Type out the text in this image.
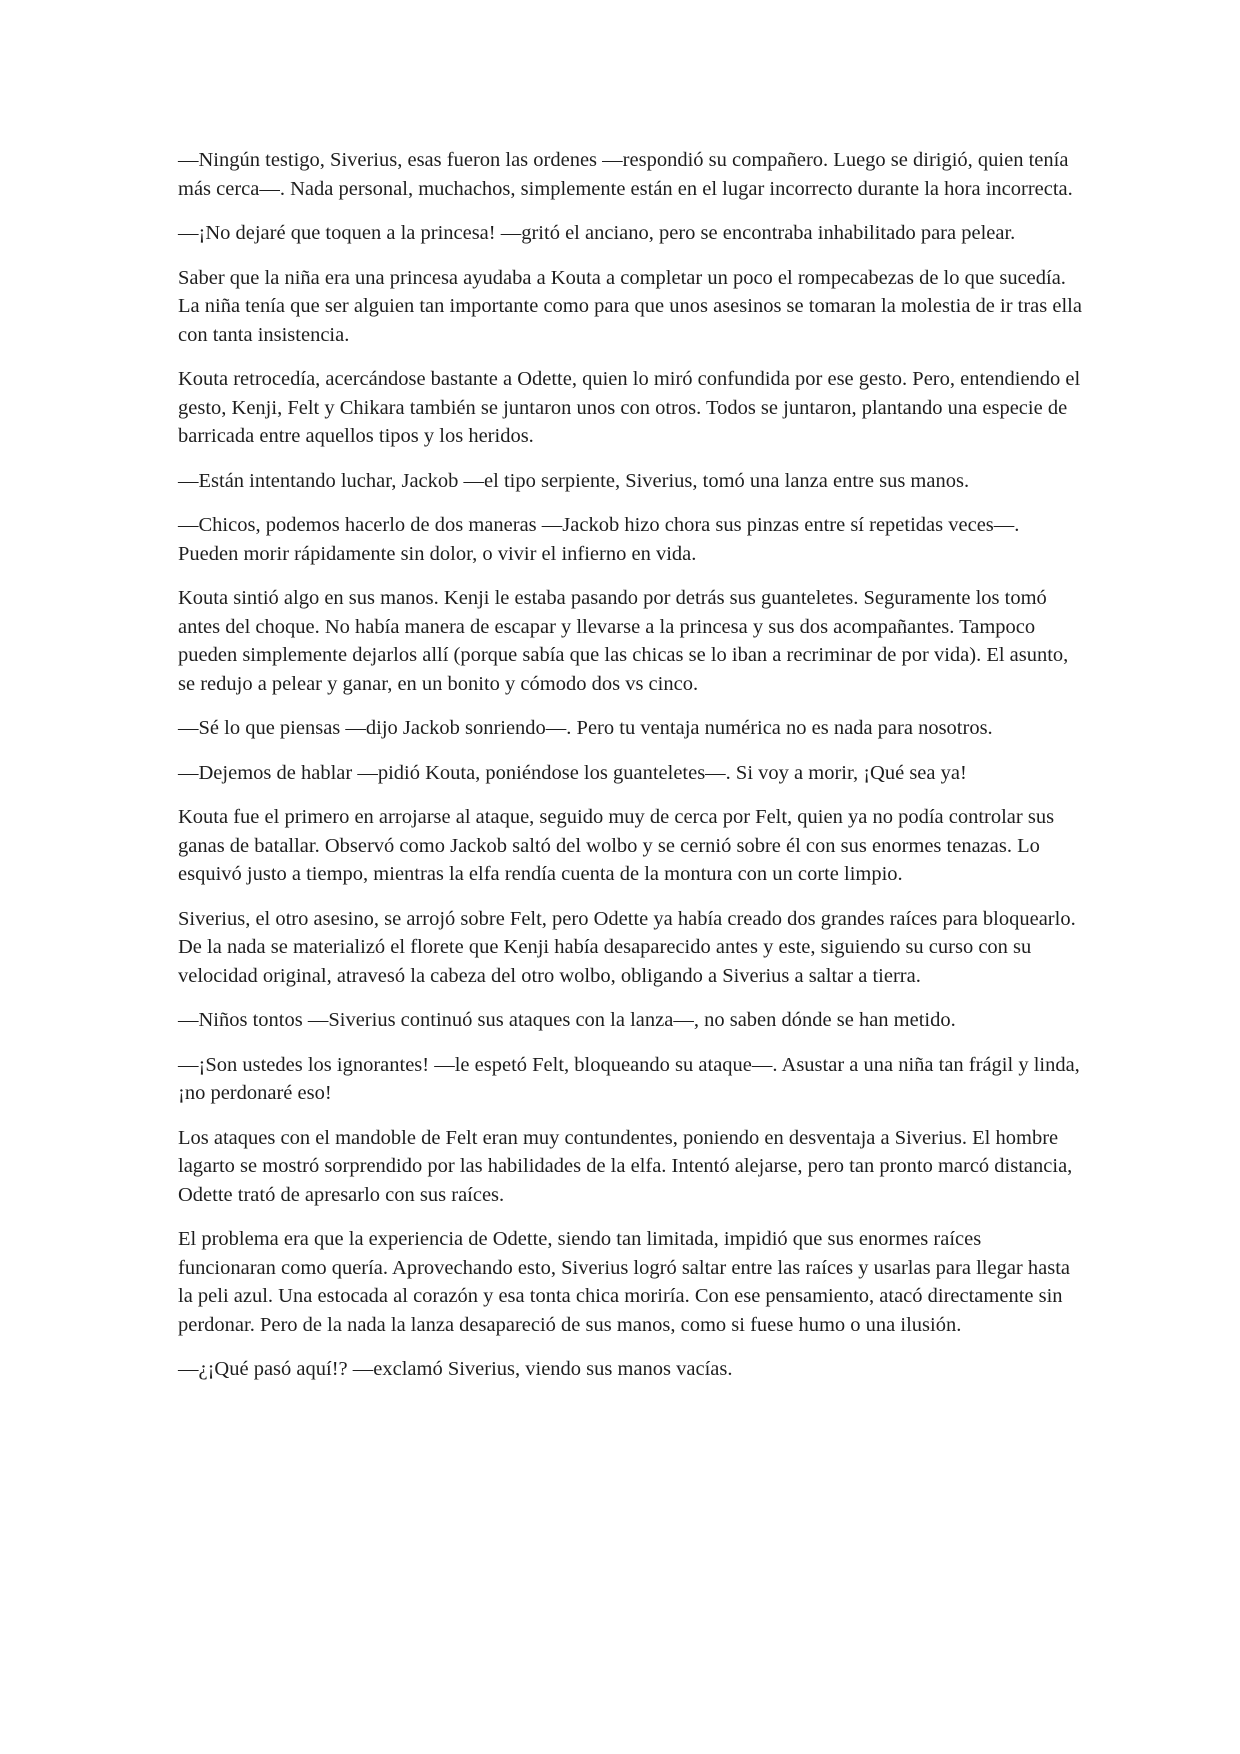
—Ningún testigo, Siverius, esas fueron las ordenes —respondió su compañero. Luego se dirigió, quien tenía más cerca—. Nada personal, muchachos, simplemente están en el lugar incorrecto durante la hora incorrecta.

—¡No dejaré que toquen a la princesa! —gritó el anciano, pero se encontraba inhabilitado para pelear.

Saber que la niña era una princesa ayudaba a Kouta a completar un poco el rompecabezas de lo que sucedía. La niña tenía que ser alguien tan importante como para que unos asesinos se tomaran la molestia de ir tras ella con tanta insistencia.

Kouta retrocedía, acercándose bastante a Odette, quien lo miró confundida por ese gesto. Pero, entendiendo el gesto, Kenji, Felt y Chikara también se juntaron unos con otros. Todos se juntaron, plantando una especie de barricada entre aquellos tipos y los heridos.

—Están intentando luchar, Jackob —el tipo serpiente, Siverius, tomó una lanza entre sus manos.

—Chicos, podemos hacerlo de dos maneras —Jackob hizo chora sus pinzas entre sí repetidas veces—. Pueden morir rápidamente sin dolor, o vivir el infierno en vida.

Kouta sintió algo en sus manos. Kenji le estaba pasando por detrás sus guanteletes. Seguramente los tomó antes del choque. No había manera de escapar y llevarse a la princesa y sus dos acompañantes. Tampoco pueden simplemente dejarlos allí (porque sabía que las chicas se lo iban a recriminar de por vida). El asunto, se redujo a pelear y ganar, en un bonito y cómodo dos vs cinco.

—Sé lo que piensas —dijo Jackob sonriendo—. Pero tu ventaja numérica no es nada para nosotros.

—Dejemos de hablar —pidió Kouta, poniéndose los guanteletes—. Si voy a morir, ¡Qué sea ya!

Kouta fue el primero en arrojarse al ataque, seguido muy de cerca por Felt, quien ya no podía controlar sus ganas de batallar. Observó como Jackob saltó del wolbo y se cernió sobre él con sus enormes tenazas. Lo esquivó justo a tiempo, mientras la elfa rendía cuenta de la montura con un corte limpio.

Siverius, el otro asesino, se arrojó sobre Felt, pero Odette ya había creado dos grandes raíces para bloquearlo. De la nada se materializó el florete que Kenji había desaparecido antes y este, siguiendo su curso con su velocidad original, atravesó la cabeza del otro wolbo, obligando a Siverius a saltar a tierra.

—Niños tontos —Siverius continuó sus ataques con la lanza—, no saben dónde se han metido.

—¡Son ustedes los ignorantes! —le espetó Felt, bloqueando su ataque—. Asustar a una niña tan frágil y linda, ¡no perdonaré eso!

Los ataques con el mandoble de Felt eran muy contundentes, poniendo en desventaja a Siverius. El hombre lagarto se mostró sorprendido por las habilidades de la elfa. Intentó alejarse, pero tan pronto marcó distancia, Odette trató de apresarlo con sus raíces.

El problema era que la experiencia de Odette, siendo tan limitada, impidió que sus enormes raíces funcionaran como quería. Aprovechando esto, Siverius logró saltar entre las raíces y usarlas para llegar hasta la peli azul. Una estocada al corazón y esa tonta chica moriría. Con ese pensamiento, atacó directamente sin perdonar. Pero de la nada la lanza desapareció de sus manos, como si fuese humo o una ilusión.

—¿¡Qué pasó aquí!? —exclamó Siverius, viendo sus manos vacías.
